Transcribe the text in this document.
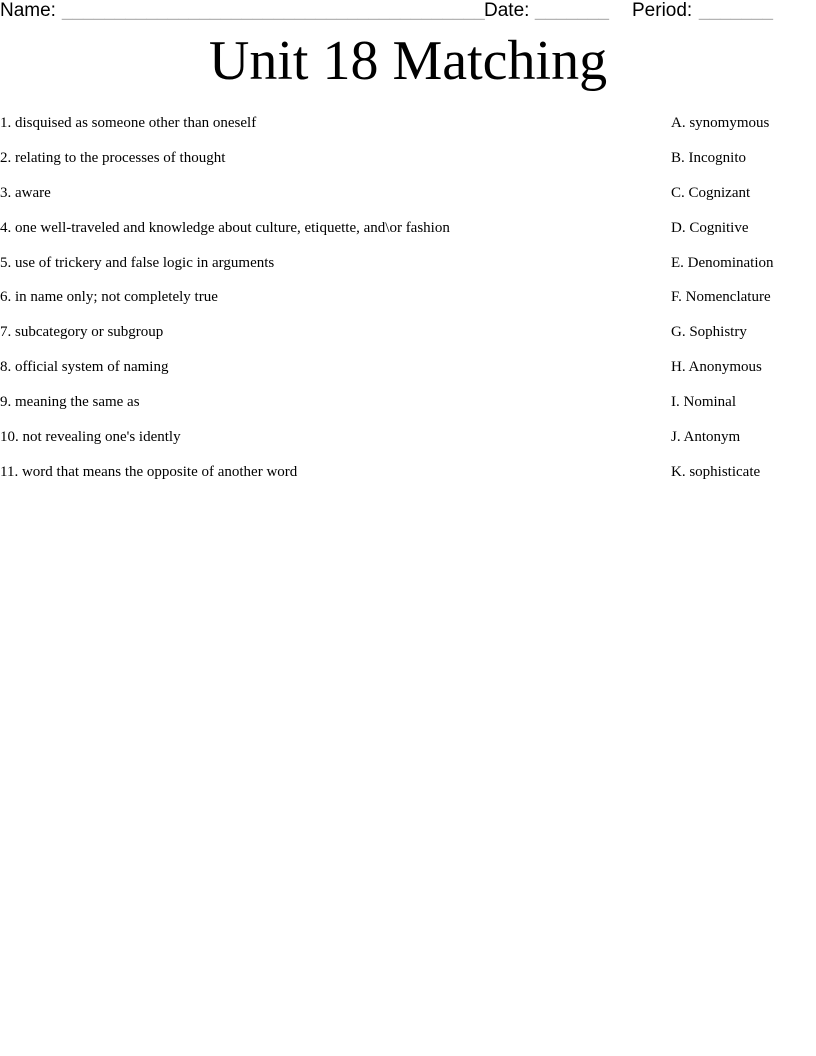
Name: ________________________________________ Date: _______ Period: _______
Unit 18 Matching
1. disquised as someone other than oneself
2. relating to the processes of thought
3. aware
4. one well-traveled and knowledge about culture, etiquette, and\or fashion
5. use of trickery and false logic in arguments
6. in name only; not completely true
7. subcategory or subgroup
8. official system of naming
9. meaning the same as
10. not revealing one's idently
11. word that means the opposite of another word
A. synomymous
B. Incognito
C. Cognizant
D. Cognitive
E. Denomination
F. Nomenclature
G. Sophistry
H. Anonymous
I. Nominal
J. Antonym
K. sophisticate
